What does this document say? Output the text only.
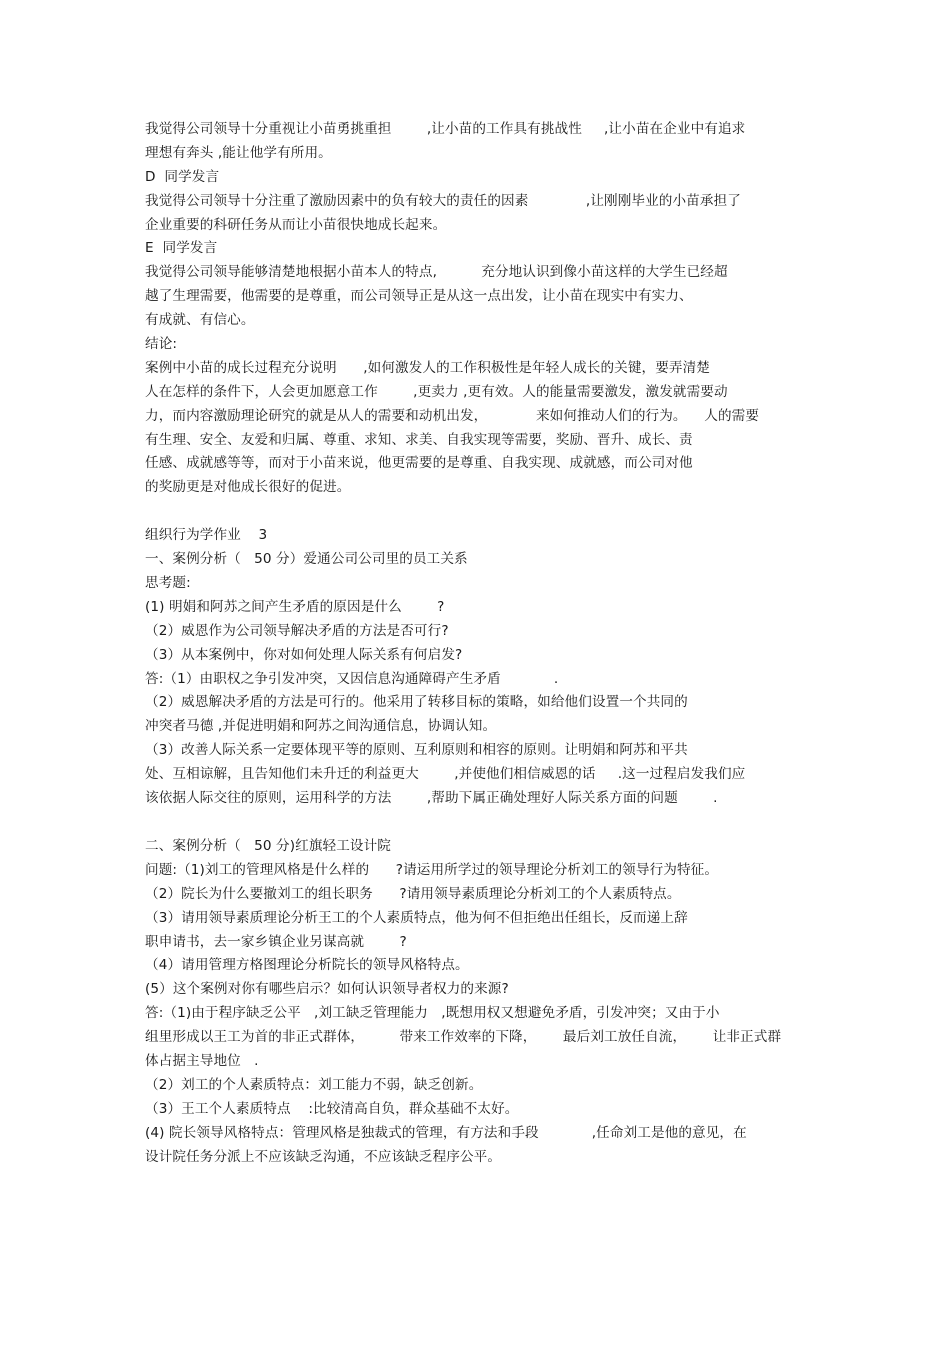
我觉得公司领导十分重视让小苗勇挑重担        ,让小苗的工作具有挑战性     ,让小苗在企业中有追求
理想有奔头 ,能让他学有所用。
D  同学发言
我觉得公司领导十分注重了激励因素中的负有较大的责任的因素             ,让刚刚毕业的小苗承担了
企业重要的科研任务从而让小苗很快地成长起来。
E  同学发言
我觉得公司领导能够清楚地根据小苗本人的特点,          充分地认识到像小苗这样的大学生已经超
越了生理需要，他需要的是尊重，而公司领导正是从这一点出发，让小苗在现实中有实力、
有成就、有信心。
结论:
案例中小苗的成长过程充分说明      ,如何激发人的工作积极性是年轻人成长的关键，要弄清楚
人在怎样的条件下，人会更加愿意工作        ,更卖力 ,更有效。人的能量需要激发，激发就需要动
力，而内容激励理论研究的就是从人的需要和动机出发，           来如何推动人们的行为。    人的需要
有生理、安全、友爱和归属、尊重、求知、求美、自我实现等需要，奖励、晋升、成长、责
任感、成就感等等，而对于小苗来说，他更需要的是尊重、自我实现、成就感，而公司对他
的奖励更是对他成长很好的促进。
组织行为学作业    3
一、案例分析（   50 分）爱通公司公司里的员工关系
思考题:
(1) 明娟和阿苏之间产生矛盾的原因是什么        ?
（2）威恩作为公司领导解决矛盾的方法是否可行?
（3）从本案例中，你对如何处理人际关系有何启发?
答:（1）由职权之争引发冲突，又因信息沟通障碍产生矛盾            .
（2）威恩解决矛盾的方法是可行的。他采用了转移目标的策略，如给他们设置一个共同的
冲突者马德 ,并促进明娟和阿苏之间沟通信息，协调认知。
（3）改善人际关系一定要体现平等的原则、互利原则和相容的原则。让明娟和阿苏和平共
处、互相谅解，且告知他们未升迁的利益更大        ,并使他们相信威恩的话     .这一过程启发我们应
该依据人际交往的原则，运用科学的方法        ,帮助下属正确处理好人际关系方面的问题        .
二、案例分析（   50 分)红旗轻工设计院
问题:（1)刘工的管理风格是什么样的      ?请运用所学过的领导理论分析刘工的领导行为特征。
（2）院长为什么要撤刘工的组长职务      ?请用领导素质理论分析刘工的个人素质特点。
（3）请用领导素质理论分析王工的个人素质特点，他为何不但拒绝出任组长，反而递上辞
职申请书，去一家乡镇企业另谋高就        ?
（4）请用管理方格图理论分析院长的领导风格特点。
(5）这个案例对你有哪些启示？如何认识领导者权力的来源?
答:（1)由于程序缺乏公平   ,刘工缺乏管理能力   ,既想用权又想避免矛盾，引发冲突；又由于小
组里形成以王工为首的非正式群体，        带来工作效率的下降，      最后刘工放任自流，      让非正式群
体占据主导地位   .
（2）刘工的个人素质特点：刘工能力不弱，缺乏创新。
（3）王工个人素质特点    :比较清高自负，群众基础不太好。
(4) 院长领导风格特点：管理风格是独裁式的管理，有方法和手段            ,任命刘工是他的意见，在
设计院任务分派上不应该缺乏沟通，不应该缺乏程序公平。
